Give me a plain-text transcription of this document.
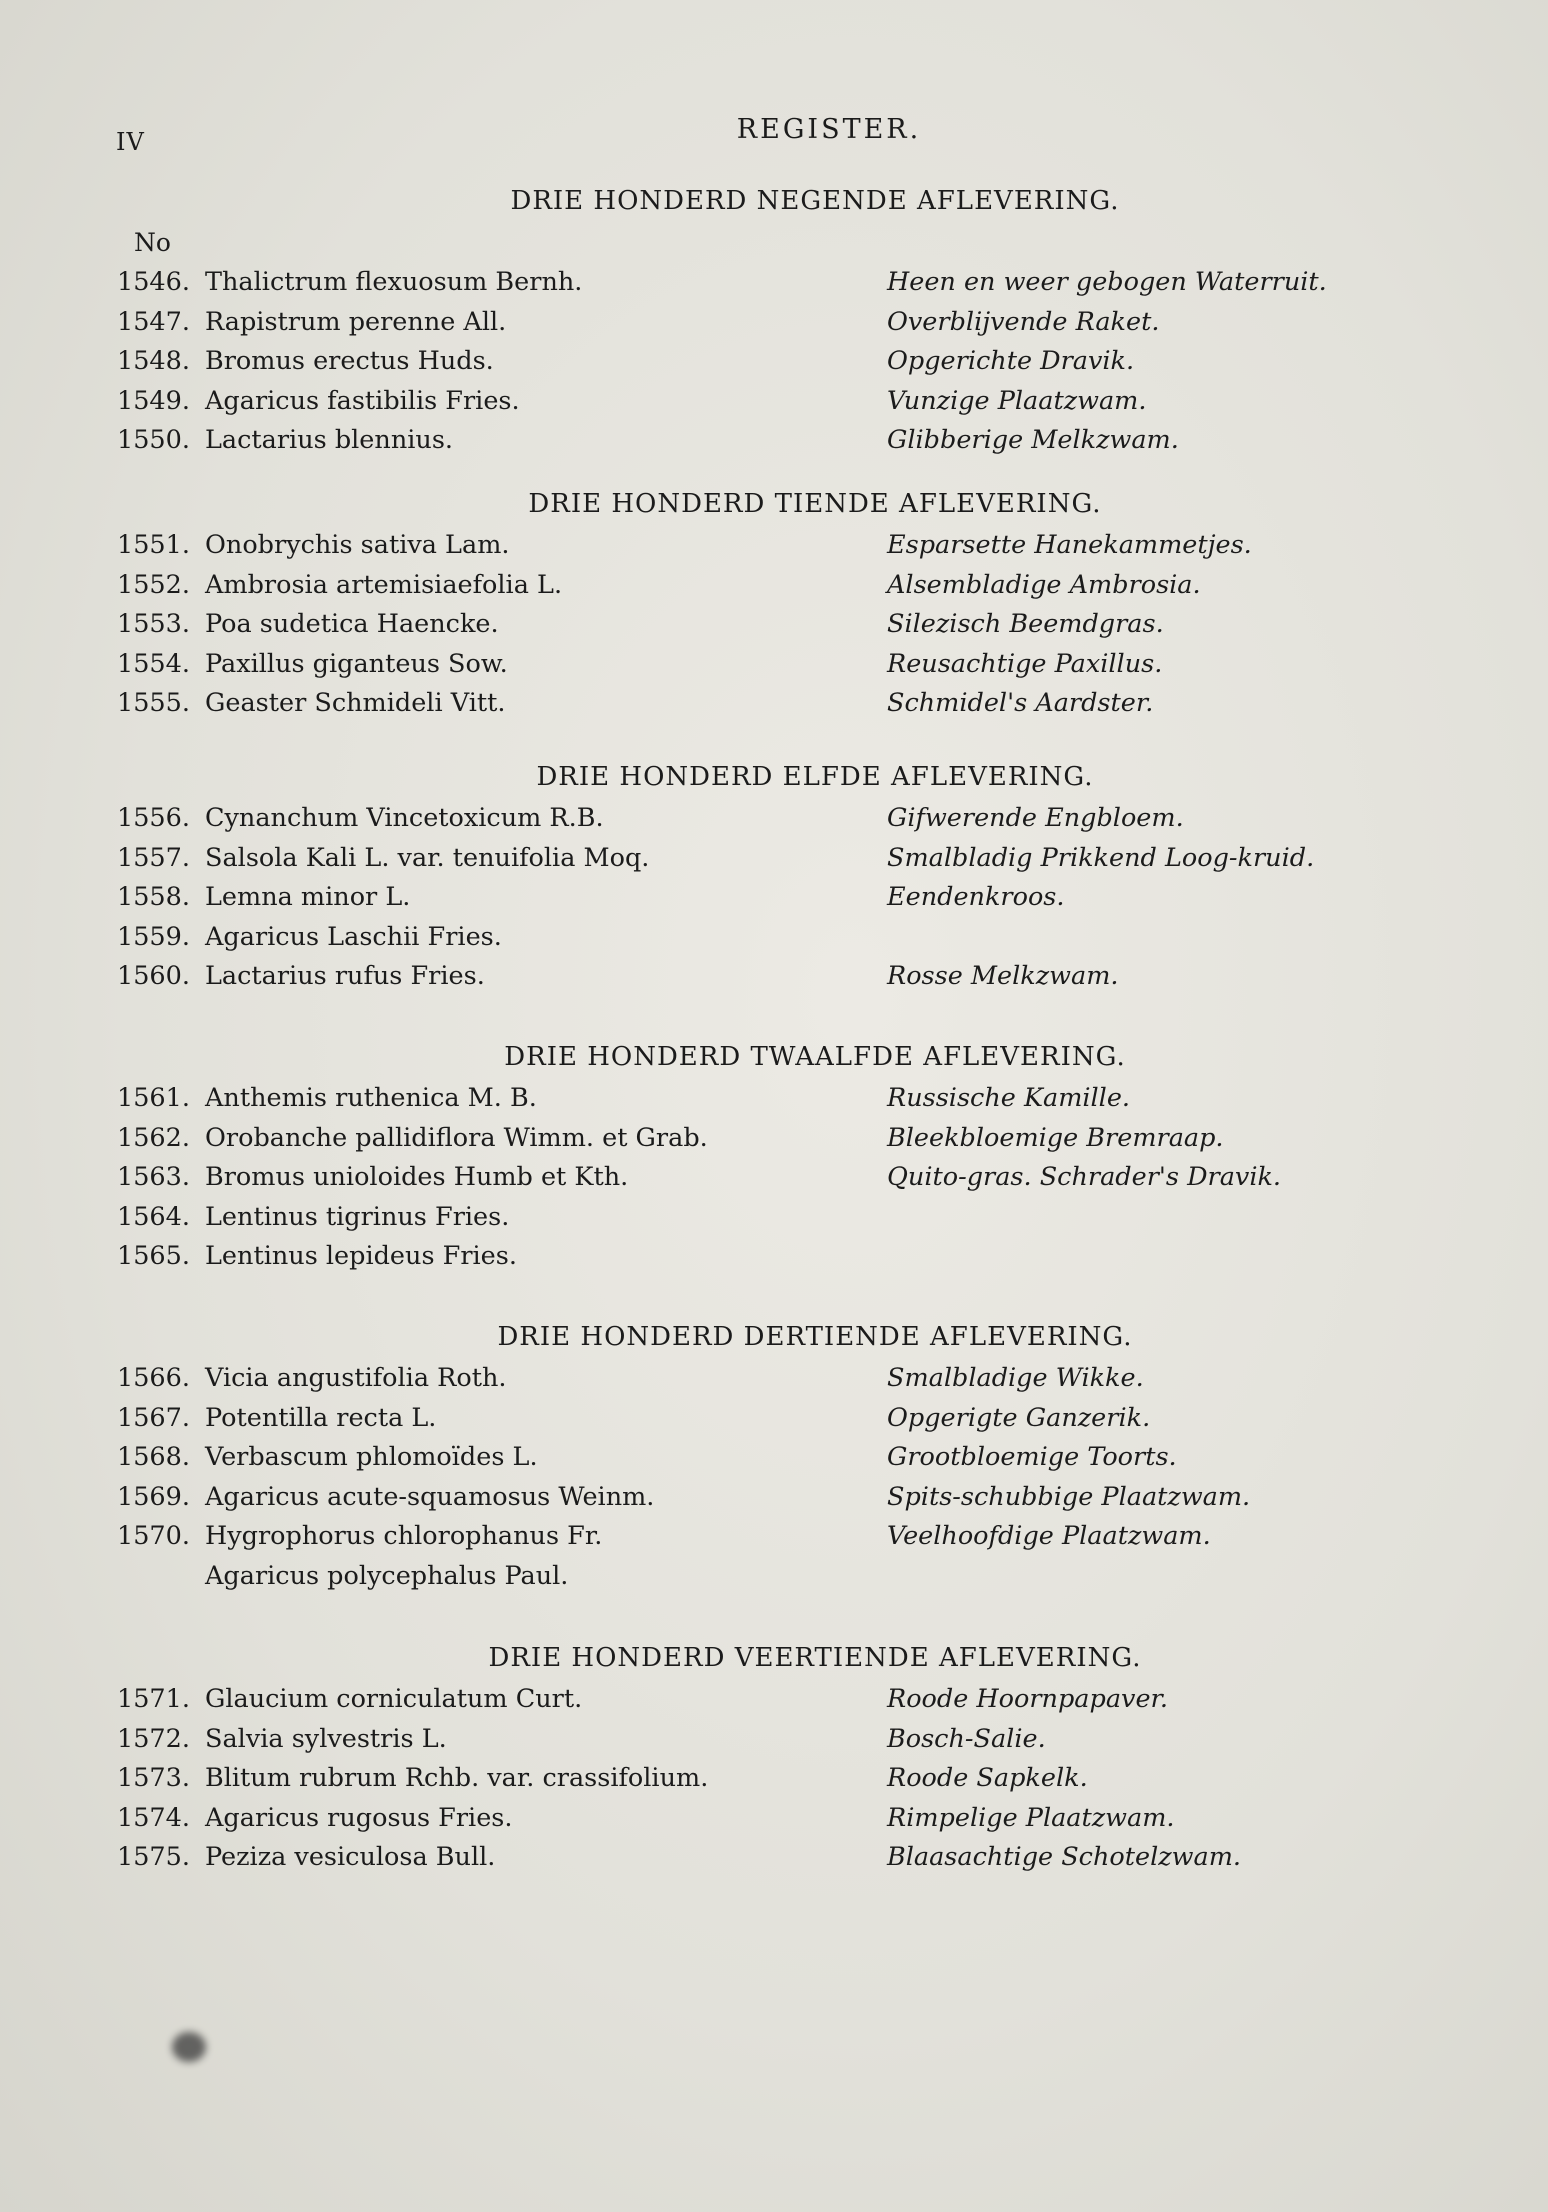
IV	REGISTER.
DRIE HONDERD NEGENDE AFLEVERING.
No
1546. Thalictrum flexuosum Bernh.	Heen en weer gebogen Waterruit.
1547. Rapistrum perenne All.	Overblijvende Raket.
1548. Bromus erectus Huds.	Opgerichte Dravik.
1549. Agaricus fastibilis Fries.	Vunzige Plaatzwam.
1550. Lactarius blennius.	Glibberige Melkzwam.
DRIE HONDERD TIENDE AFLEVERING.
1551. Onobrychis sativa Lam.	Esparsette Hanekammetjes.
1552. Ambrosia artemisiaefolia L.	Alsembladige Ambrosia.
1553. Poa sudetica Haencke.	Silezisch Beemdgras.
1554. Paxillus giganteus Sow.	Reusachtige Paxillus.
1555. Geaster Schmideli Vitt.	Schmidel's Aardster.
DRIE HONDERD ELFDE AFLEVERING.
1556. Cynanchum Vincetoxicum R.B.	Gifwerende Engbloem.
1557. Salsola Kali L. var. tenuifolia Moq.	Smalbladig Prikkend Loog-kruid.
1558. Lemna minor L.	Eendenkroos.
1559. Agaricus Laschii Fries.
1560. Lactarius rufus Fries.	Rosse Melkzwam.
DRIE HONDERD TWAALFDE AFLEVERING.
1561. Anthemis ruthenica M. B.	Russische Kamille.
1562. Orobanche pallidiflora Wimm. et Grab.	Bleekbloemige Bremraap.
1563. Bromus unioloides Humb et Kth.	Quito-gras. Schrader's Dravik.
1564. Lentinus tigrinus Fries.
1565. Lentinus lepideus Fries.
DRIE HONDERD DERTIENDE AFLEVERING.
1566. Vicia angustifolia Roth.	Smalbladige Wikke.
1567. Potentilla recta L.	Opgerigte Ganzerik.
1568. Verbascum phlomoïdes L.	Grootbloemige Toorts.
1569. Agaricus acute-squamosus Weinm.	Spits-schubbige Plaatzwam.
1570. Hygrophorus chlorophanus Fr.	Veelhoofdige Plaatzwam.
Agaricus polycephalus Paul.
DRIE HONDERD VEERTIENDE AFLEVERING.
1571. Glaucium corniculatum Curt.	Roode Hoornpapaver.
1572. Salvia sylvestris L.	Bosch-Salie.
1573. Blitum rubrum Rchb. var. crassifolium.	Roode Sapkelk.
1574. Agaricus rugosus Fries.	Rimpelige Plaatzwam.
1575. Peziza vesiculosa Bull.	Blaasachtige Schotelzwam.
